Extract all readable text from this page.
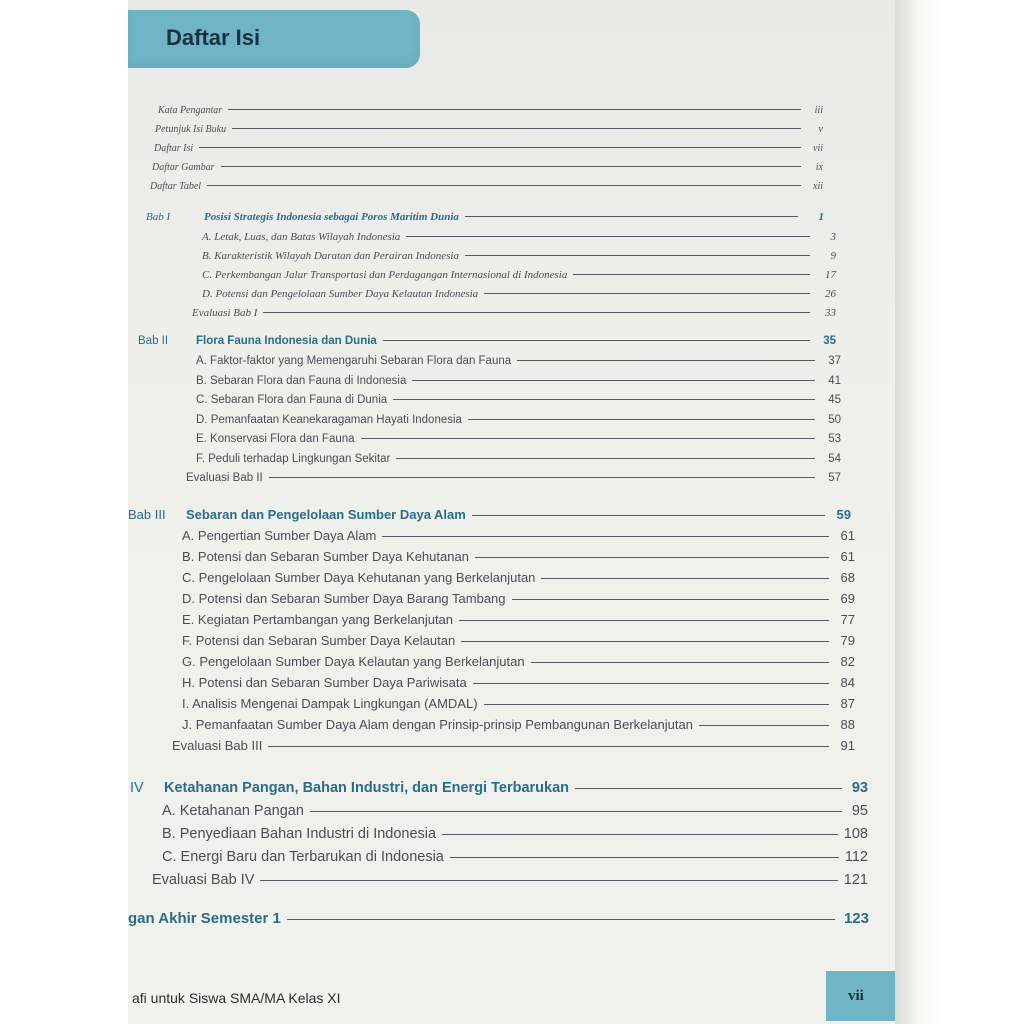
Daftar Isi
Kata Pengantar	iii
Petunjuk Isi Buku	v
Daftar Isi	vii
Daftar Gambar	ix
Daftar Tabel	xii
Bab I	Posisi Strategis Indonesia sebagai Poros Maritim Dunia	1
A. Letak, Luas, dan Batas Wilayah Indonesia	3
B. Karakteristik Wilayah Daratan dan Perairan Indonesia	9
C. Perkembangan Jalur Transportasi dan Perdagangan Internasional di Indonesia	17
D. Potensi dan Pengelolaan Sumber Daya Kelautan Indonesia	26
Evaluasi Bab I	33
Bab II	Flora Fauna Indonesia dan Dunia	35
A. Faktor-faktor yang Memengaruhi Sebaran Flora dan Fauna	37
B. Sebaran Flora dan Fauna di Indonesia	41
C. Sebaran Flora dan Fauna di Dunia	45
D. Pemanfaatan Keanekaragaman Hayati Indonesia	50
E. Konservasi Flora dan Fauna	53
F. Peduli terhadap Lingkungan Sekitar	54
Evaluasi Bab II	57
Bab III	Sebaran dan Pengelolaan Sumber Daya Alam	59
A. Pengertian Sumber Daya Alam	61
B. Potensi dan Sebaran Sumber Daya Kehutanan	61
C. Pengelolaan Sumber Daya Kehutanan yang Berkelanjutan	68
D. Potensi dan Sebaran Sumber Daya Barang Tambang	69
E. Kegiatan Pertambangan yang Berkelanjutan	77
F. Potensi dan Sebaran Sumber Daya Kelautan	79
G. Pengelolaan Sumber Daya Kelautan yang Berkelanjutan	82
H. Potensi dan Sebaran Sumber Daya Pariwisata	84
I. Analisis Mengenai Dampak Lingkungan (AMDAL)	87
J. Pemanfaatan Sumber Daya Alam dengan Prinsip-prinsip Pembangunan Berkelanjutan	88
Evaluasi Bab III	91
IV	Ketahanan Pangan, Bahan Industri, dan Energi Terbarukan	93
A. Ketahanan Pangan	95
B. Penyediaan Bahan Industri di Indonesia	108
C. Energi Baru dan Terbarukan di Indonesia	112
Evaluasi Bab IV	121
gan Akhir Semester 1	123
afi untuk Siswa SMA/MA Kelas XI	vii
